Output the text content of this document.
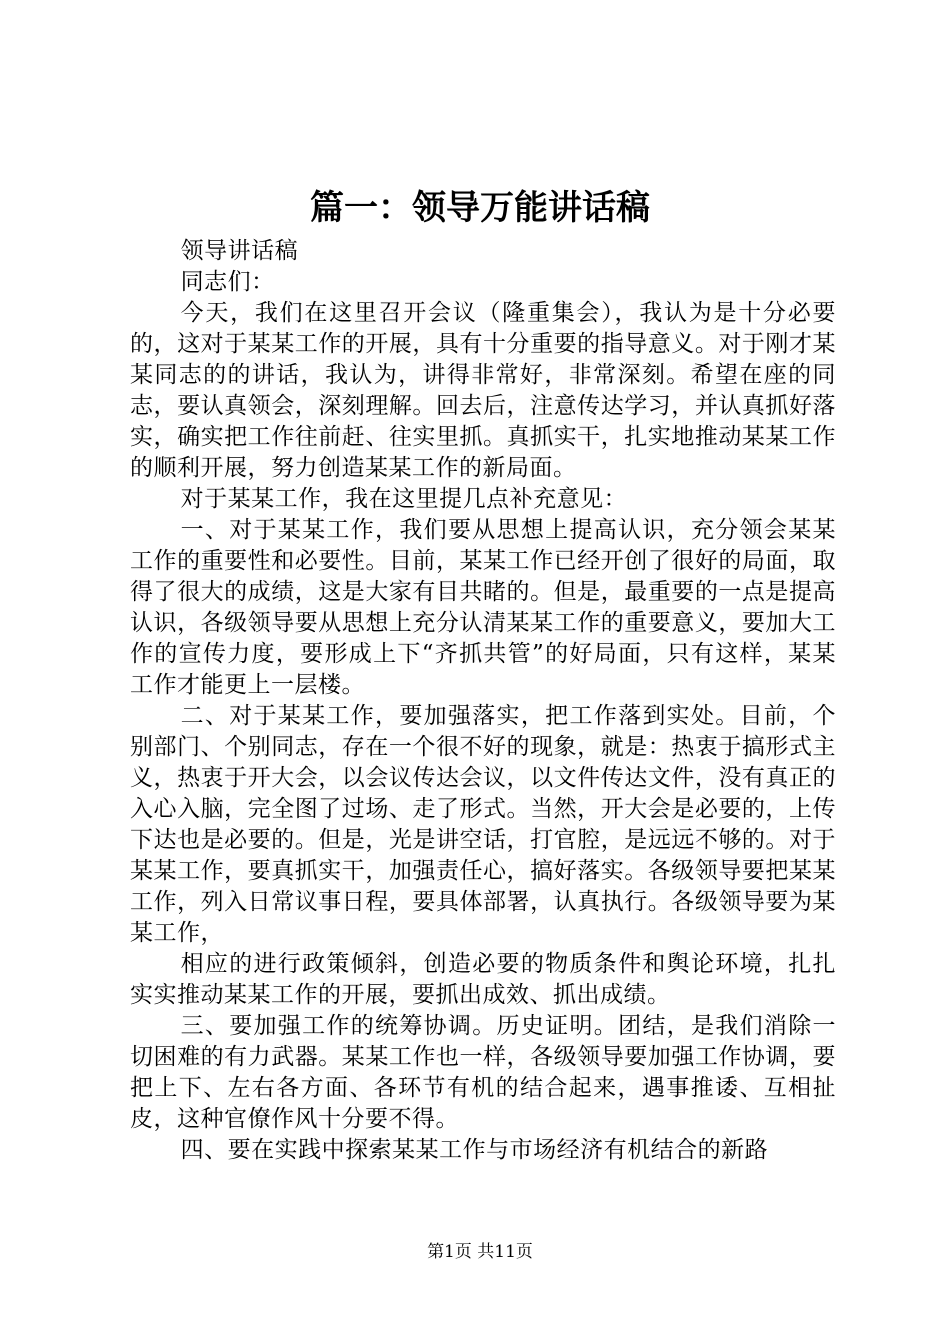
篇一：领导万能讲话稿

领导讲话稿

同志们：

今天，我们在这里召开会议（隆重集会），我认为是十分必要的，这对于某某工作的开展，具有十分重要的指导意义。对于刚才某某同志的的讲话，我认为，讲得非常好，非常深刻。希望在座的同志，要认真领会，深刻理解。回去后，注意传达学习，并认真抓好落实，确实把工作往前赶、往实里抓。真抓实干，扎实地推动某某工作的顺利开展，努力创造某某工作的新局面。

对于某某工作，我在这里提几点补充意见：

一、对于某某工作，我们要从思想上提高认识，充分领会某某工作的重要性和必要性。目前，某某工作已经开创了很好的局面，取得了很大的成绩，这是大家有目共睹的。但是，最重要的一点是提高认识，各级领导要从思想上充分认清某某工作的重要意义，要加大工作的宣传力度，要形成上下“齐抓共管”的好局面，只有这样，某某工作才能更上一层楼。

二、对于某某工作，要加强落实，把工作落到实处。目前，个别部门、个别同志，存在一个很不好的现象，就是：热衷于搞形式主义，热衷于开大会，以会议传达会议，以文件传达文件，没有真正的入心入脑，完全图了过场、走了形式。当然，开大会是必要的，上传下达也是必要的。但是，光是讲空话，打官腔，是远远不够的。对于某某工作，要真抓实干，加强责任心，搞好落实。各级领导要把某某工作，列入日常议事日程，要具体部署，认真执行。各级领导要为某某工作，

相应的进行政策倾斜，创造必要的物质条件和舆论环境，扎扎实实推动某某工作的开展，要抓出成效、抓出成绩。

三、要加强工作的统筹协调。历史证明。团结，是我们消除一切困难的有力武器。某某工作也一样，各级领导要加强工作协调，要把上下、左右各方面、各环节有机的结合起来，遇事推诿、互相扯皮，这种官僚作风十分要不得。

四、要在实践中探索某某工作与市场经济有机结合的新路

第1页 共11页
